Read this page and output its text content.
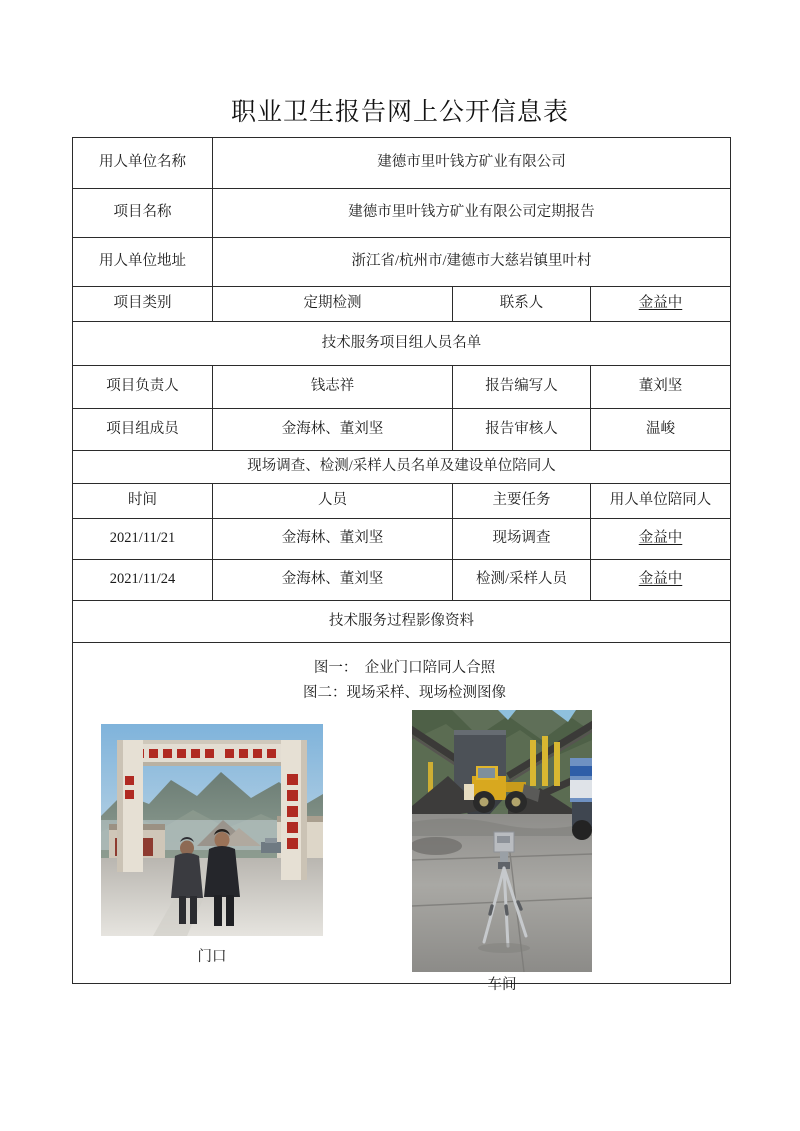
职业卫生报告网上公开信息表
用人单位名称	建德市里叶钱方矿业有限公司		
项目名称	建德市里叶钱方矿业有限公司定期报告		
用人单位地址	浙江省/杭州市/建德市大慈岩镇里叶村		
项目类别	定期检测	联系人	金益中
技术服务项目组人员名单			
项目负责人	钱志祥	报告编写人	董刘坚
项目组成员	金海林、董刘坚	报告审核人	温峻
现场调查、检测/采样人员名单及建设单位陪同人			
时间	人员	主要任务	用人单位陪同人
2021/11/21	金海林、董刘坚	现场调查	金益中
2021/11/24	金海林、董刘坚	检测/采样人员	金益中
技术服务过程影像资料			

图一：  企业门口陪同人合照
图二：现场采样、现场检测图像
门口
车间			
